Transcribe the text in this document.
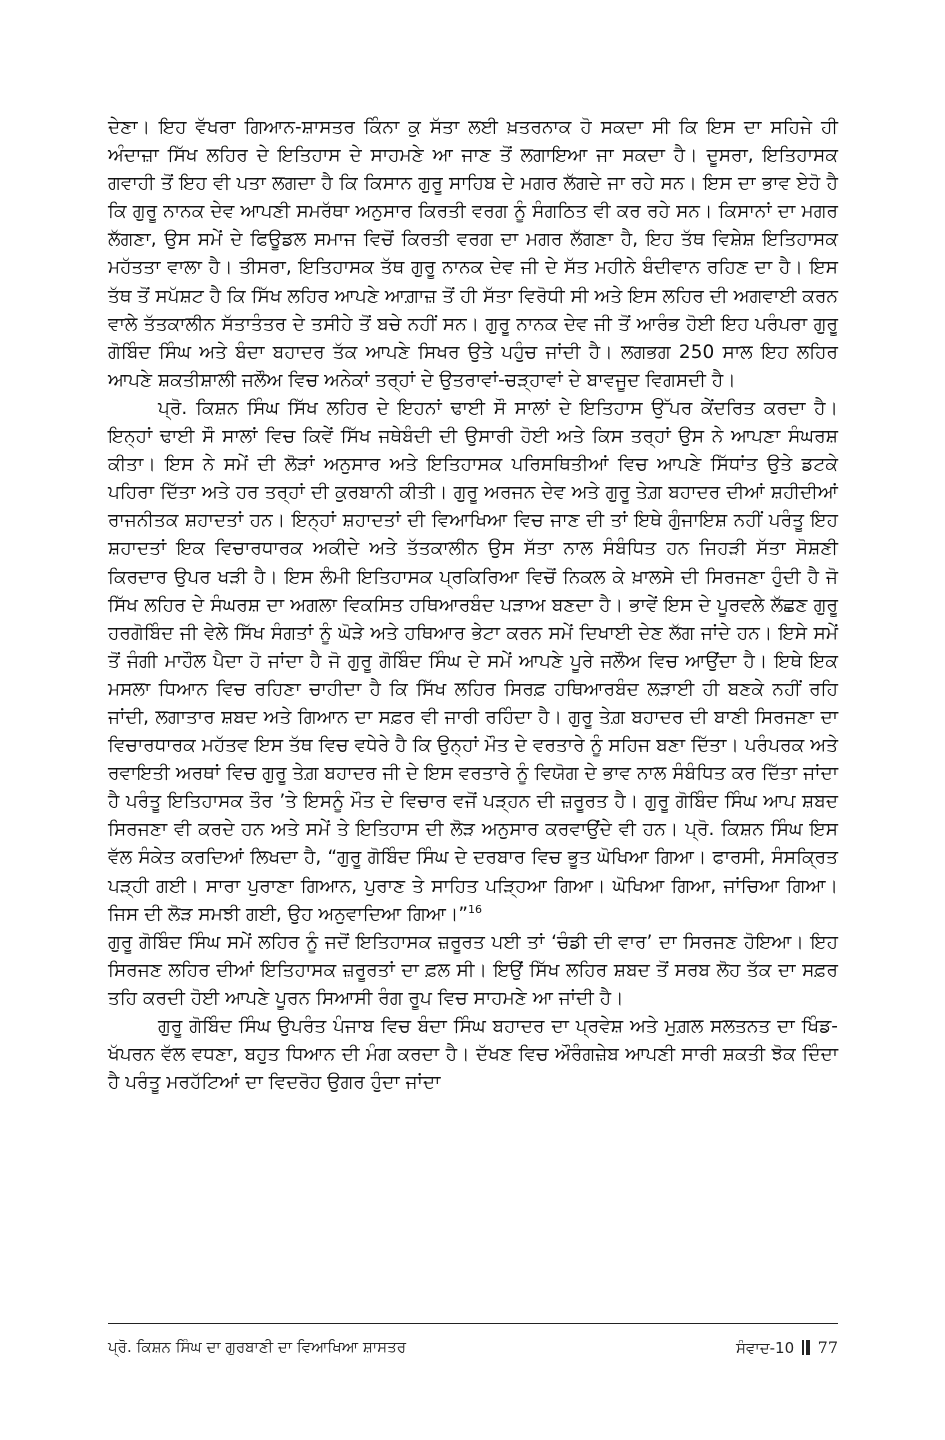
ਦੇਣਾ। ਇਹ ਵੱਖਰਾ ਗਿਆਨ-ਸ਼ਾਸਤਰ ਕਿੰਨਾ ਕੁ ਸੱਤਾ ਲਈ ਖ਼ਤਰਨਾਕ ਹੋ ਸਕਦਾ ਸੀ ਕਿ ਇਸ ਦਾ ਸਹਿਜੇ ਹੀ ਅੰਦਾਜ਼ਾ ਸਿੱਖ ਲਹਿਰ ਦੇ ਇਤਿਹਾਸ ਦੇ ਸਾਹਮਣੇ ਆ ਜਾਣ ਤੋਂ ਲਗਾਇਆ ਜਾ ਸਕਦਾ ਹੈ। ਦੂਸਰਾ, ਇਤਿਹਾਸਕ ਗਵਾਹੀ ਤੋਂ ਇਹ ਵੀ ਪਤਾ ਲਗਦਾ ਹੈ ਕਿ ਕਿਸਾਨ ਗੁਰੂ ਸਾਹਿਬ ਦੇ ਮਗਰ ਲੱਗਦੇ ਜਾ ਰਹੇ ਸਨ। ਇਸ ਦਾ ਭਾਵ ਏਹੋ ਹੈ ਕਿ ਗੁਰੂ ਨਾਨਕ ਦੇਵ ਆਪਣੀ ਸਮਰੱਥਾ ਅਨੁਸਾਰ ਕਿਰਤੀ ਵਰਗ ਨੂੰ ਸੰਗਠਿਤ ਵੀ ਕਰ ਰਹੇ ਸਨ। ਕਿਸਾਨਾਂ ਦਾ ਮਗਰ ਲੱਗਣਾ, ਉਸ ਸਮੇਂ ਦੇ ਫਿਊਡਲ ਸਮਾਜ ਵਿਚੋਂ ਕਿਰਤੀ ਵਰਗ ਦਾ ਮਗਰ ਲੱਗਣਾ ਹੈ, ਇਹ ਤੱਥ ਵਿਸ਼ੇਸ਼ ਇਤਿਹਾਸਕ ਮਹੱਤਤਾ ਵਾਲਾ ਹੈ। ਤੀਸਰਾ, ਇਤਿਹਾਸਕ ਤੱਥ ਗੁਰੂ ਨਾਨਕ ਦੇਵ ਜੀ ਦੇ ਸੱਤ ਮਹੀਨੇ ਬੰਦੀਵਾਨ ਰਹਿਣ ਦਾ ਹੈ। ਇਸ ਤੱਥ ਤੋਂ ਸਪੱਸ਼ਟ ਹੈ ਕਿ ਸਿੱਖ ਲਹਿਰ ਆਪਣੇ ਆਗ਼ਾਜ਼ ਤੋਂ ਹੀ ਸੱਤਾ ਵਿਰੋਧੀ ਸੀ ਅਤੇ ਇਸ ਲਹਿਰ ਦੀ ਅਗਵਾਈ ਕਰਨ ਵਾਲੇ ਤੱਤਕਾਲੀਨ ਸੱਤਾਤੰਤਰ ਦੇ ਤਸੀਹੇ ਤੋਂ ਬਚੇ ਨਹੀਂ ਸਨ। ਗੁਰੂ ਨਾਨਕ ਦੇਵ ਜੀ ਤੋਂ ਆਰੰਭ ਹੋਈ ਇਹ ਪਰੰਪਰਾ ਗੁਰੂ ਗੋਬਿੰਦ ਸਿੰਘ ਅਤੇ ਬੰਦਾ ਬਹਾਦਰ ਤੱਕ ਆਪਣੇ ਸਿਖਰ ਉਤੇ ਪਹੁੰਚ ਜਾਂਦੀ ਹੈ। ਲਗਭਗ 250 ਸਾਲ ਇਹ ਲਹਿਰ ਆਪਣੇ ਸ਼ਕਤੀਸ਼ਾਲੀ ਜਲੌਅ ਵਿਚ ਅਨੇਕਾਂ ਤਰ੍ਹਾਂ ਦੇ ਉਤਰਾਵਾਂ-ਚੜ੍ਹਾਵਾਂ ਦੇ ਬਾਵਜੂਦ ਵਿਗਸਦੀ ਹੈ।

ਪ੍ਰੋ. ਕਿਸ਼ਨ ਸਿੰਘ ਸਿੱਖ ਲਹਿਰ ਦੇ ਇਹਨਾਂ ਢਾਈ ਸੌ ਸਾਲਾਂ ਦੇ ਇਤਿਹਾਸ ਉੱਪਰ ਕੇਂਦਰਿਤ ਕਰਦਾ ਹੈ। ਇਨ੍ਹਾਂ ਢਾਈ ਸੌ ਸਾਲਾਂ ਵਿਚ ਕਿਵੇਂ ਸਿੱਖ ਜਥੇਬੰਦੀ ਦੀ ਉਸਾਰੀ ਹੋਈ ਅਤੇ ਕਿਸ ਤਰ੍ਹਾਂ ਉਸ ਨੇ ਆਪਣਾ ਸੰਘਰਸ਼ ਕੀਤਾ। ਇਸ ਨੇ ਸਮੇਂ ਦੀ ਲੋੜਾਂ ਅਨੁਸਾਰ ਅਤੇ ਇਤਿਹਾਸਕ ਪਰਿਸਥਿਤੀਆਂ ਵਿਚ ਆਪਣੇ ਸਿੱਧਾਂਤ ਉਤੇ ਡਟਕੇ ਪਹਿਰਾ ਦਿੱਤਾ ਅਤੇ ਹਰ ਤਰ੍ਹਾਂ ਦੀ ਕੁਰਬਾਨੀ ਕੀਤੀ। ਗੁਰੂ ਅਰਜਨ ਦੇਵ ਅਤੇ ਗੁਰੂ ਤੇਗ਼ ਬਹਾਦਰ ਦੀਆਂ ਸ਼ਹੀਦੀਆਂ ਰਾਜਨੀਤਕ ਸ਼ਹਾਦਤਾਂ ਹਨ। ਇਨ੍ਹਾਂ ਸ਼ਹਾਦਤਾਂ ਦੀ ਵਿਆਖਿਆ ਵਿਚ ਜਾਣ ਦੀ ਤਾਂ ਇਥੇ ਗੁੰਜਾਇਸ਼ ਨਹੀਂ ਪਰੰਤੂ ਇਹ ਸ਼ਹਾਦਤਾਂ ਇਕ ਵਿਚਾਰਧਾਰਕ ਅਕੀਦੇ ਅਤੇ ਤੱਤਕਾਲੀਨ ਉਸ ਸੱਤਾ ਨਾਲ ਸੰਬੰਧਿਤ ਹਨ ਜਿਹੜੀ ਸੱਤਾ ਸੋਸ਼ਣੀ ਕਿਰਦਾਰ ਉਪਰ ਖੜੀ ਹੈ। ਇਸ ਲੰਮੀ ਇਤਿਹਾਸਕ ਪ੍ਰਕਿਰਿਆ ਵਿਚੋਂ ਨਿਕਲ ਕੇ ਖ਼ਾਲਸੇ ਦੀ ਸਿਰਜਣਾ ਹੁੰਦੀ ਹੈ ਜੋ ਸਿੱਖ ਲਹਿਰ ਦੇ ਸੰਘਰਸ਼ ਦਾ ਅਗਲਾ ਵਿਕਸਿਤ ਹਥਿਆਰਬੰਦ ਪੜਾਅ ਬਣਦਾ ਹੈ। ਭਾਵੇਂ ਇਸ ਦੇ ਪੂਰਵਲੇ ਲੱਛਣ ਗੁਰੂ ਹਰਗੋਬਿੰਦ ਜੀ ਵੇਲੇ ਸਿੱਖ ਸੰਗਤਾਂ ਨੂੰ ਘੋੜੇ ਅਤੇ ਹਥਿਆਰ ਭੇਟਾ ਕਰਨ ਸਮੇਂ ਦਿਖਾਈ ਦੇਣ ਲੱਗ ਜਾਂਦੇ ਹਨ। ਇਸੇ ਸਮੇਂ ਤੋਂ ਜੰਗੀ ਮਾਹੌਲ ਪੈਦਾ ਹੋ ਜਾਂਦਾ ਹੈ ਜੋ ਗੁਰੂ ਗੋਬਿੰਦ ਸਿੰਘ ਦੇ ਸਮੇਂ ਆਪਣੇ ਪੂਰੇ ਜਲੌਅ ਵਿਚ ਆਉਂਦਾ ਹੈ। ਇਥੇ ਇਕ ਮਸਲਾ ਧਿਆਨ ਵਿਚ ਰਹਿਣਾ ਚਾਹੀਦਾ ਹੈ ਕਿ ਸਿੱਖ ਲਹਿਰ ਸਿਰਫ਼ ਹਥਿਆਰਬੰਦ ਲੜਾਈ ਹੀ ਬਣਕੇ ਨਹੀਂ ਰਹਿ ਜਾਂਦੀ, ਲਗਾਤਾਰ ਸ਼ਬਦ ਅਤੇ ਗਿਆਨ ਦਾ ਸਫ਼ਰ ਵੀ ਜਾਰੀ ਰਹਿੰਦਾ ਹੈ। ਗੁਰੂ ਤੇਗ਼ ਬਹਾਦਰ ਦੀ ਬਾਣੀ ਸਿਰਜਣਾ ਦਾ ਵਿਚਾਰਧਾਰਕ ਮਹੱਤਵ ਇਸ ਤੱਥ ਵਿਚ ਵਧੇਰੇ ਹੈ ਕਿ ਉਨ੍ਹਾਂ ਮੌਤ ਦੇ ਵਰਤਾਰੇ ਨੂੰ ਸਹਿਜ ਬਣਾ ਦਿੱਤਾ। ਪਰੰਪਰਕ ਅਤੇ ਰਵਾਇਤੀ ਅਰਥਾਂ ਵਿਚ ਗੁਰੂ ਤੇਗ਼ ਬਹਾਦਰ ਜੀ ਦੇ ਇਸ ਵਰਤਾਰੇ ਨੂੰ ਵਿਯੋਗ ਦੇ ਭਾਵ ਨਾਲ ਸੰਬੰਧਿਤ ਕਰ ਦਿੱਤਾ ਜਾਂਦਾ ਹੈ ਪਰੰਤੂ ਇਤਿਹਾਸਕ ਤੌਰ ’ਤੇ ਇਸਨੂੰ ਮੌਤ ਦੇ ਵਿਚਾਰ ਵਜੋਂ ਪੜ੍ਹਨ ਦੀ ਜ਼ਰੂਰਤ ਹੈ। ਗੁਰੂ ਗੋਬਿੰਦ ਸਿੰਘ ਆਪ ਸ਼ਬਦ ਸਿਰਜਣਾ ਵੀ ਕਰਦੇ ਹਨ ਅਤੇ ਸਮੇਂ ਤੇ ਇਤਿਹਾਸ ਦੀ ਲੋੜ ਅਨੁਸਾਰ ਕਰਵਾਉਂਦੇ ਵੀ ਹਨ। ਪ੍ਰੋ. ਕਿਸ਼ਨ ਸਿੰਘ ਇਸ ਵੱਲ ਸੰਕੇਤ ਕਰਦਿਆਂ ਲਿਖਦਾ ਹੈ, “ਗੁਰੂ ਗੋਬਿੰਦ ਸਿੰਘ ਦੇ ਦਰਬਾਰ ਵਿਚ ਭੂਤ ਘੋਖਿਆ ਗਿਆ। ਫਾਰਸੀ, ਸੰਸਕ੍ਰਿਤ ਪੜ੍ਹੀ ਗਈ। ਸਾਰਾ ਪੁਰਾਣਾ ਗਿਆਨ, ਪੁਰਾਣ ਤੇ ਸਾਹਿਤ ਪੜ੍ਹਿਆ ਗਿਆ। ਘੋਖਿਆ ਗਿਆ, ਜਾਂਚਿਆ ਗਿਆ। ਜਿਸ ਦੀ ਲੋੜ ਸਮਝੀ ਗਈ, ਉਹ ਅਨੁਵਾਦਿਆ ਗਿਆ।”$^{16}$

ਗੁਰੂ ਗੋਬਿੰਦ ਸਿੰਘ ਸਮੇਂ ਲਹਿਰ ਨੂੰ ਜਦੋਂ ਇਤਿਹਾਸਕ ਜ਼ਰੂਰਤ ਪਈ ਤਾਂ ‘ਚੰਡੀ ਦੀ ਵਾਰ’ ਦਾ ਸਿਰਜਣ ਹੋਇਆ। ਇਹ ਸਿਰਜਣ ਲਹਿਰ ਦੀਆਂ ਇਤਿਹਾਸਕ ਜ਼ਰੂਰਤਾਂ ਦਾ ਫ਼ਲ ਸੀ। ਇਉਂ ਸਿੱਖ ਲਹਿਰ ਸ਼ਬਦ ਤੋਂ ਸਰਬ ਲੋਹ ਤੱਕ ਦਾ ਸਫ਼ਰ ਤਹਿ ਕਰਦੀ ਹੋਈ ਆਪਣੇ ਪੂਰਨ ਸਿਆਸੀ ਰੰਗ ਰੂਪ ਵਿਚ ਸਾਹਮਣੇ ਆ ਜਾਂਦੀ ਹੈ।

ਗੁਰੂ ਗੋਬਿੰਦ ਸਿੰਘ ਉਪਰੰਤ ਪੰਜਾਬ ਵਿਚ ਬੰਦਾ ਸਿੰਘ ਬਹਾਦਰ ਦਾ ਪ੍ਰਵੇਸ਼ ਅਤੇ ਮੁਗ਼ਲ ਸਲਤਨਤ ਦਾ ਖਿੰਡ-ਖੱਪਰਨ ਵੱਲ ਵਧਣਾ, ਬਹੁਤ ਧਿਆਨ ਦੀ ਮੰਗ ਕਰਦਾ ਹੈ। ਦੱਖਣ ਵਿਚ ਔਰੰਗਜ਼ੇਬ ਆਪਣੀ ਸਾਰੀ ਸ਼ਕਤੀ ਝੋਕ ਦਿੰਦਾ ਹੈ ਪਰੰਤੂ ਮਰਹੱਟਿਆਂ ਦਾ ਵਿਦਰੋਹ ਉਗਰ ਹੁੰਦਾ ਜਾਂਦਾ

ਪ੍ਰੋ. ਕਿਸ਼ਨ ਸਿੰਘ ਦਾ ਗੁਰਬਾਣੀ ਦਾ ਵਿਆਖਿਆ ਸ਼ਾਸਤਰ	ਸੰਵਾਦ-10 77
